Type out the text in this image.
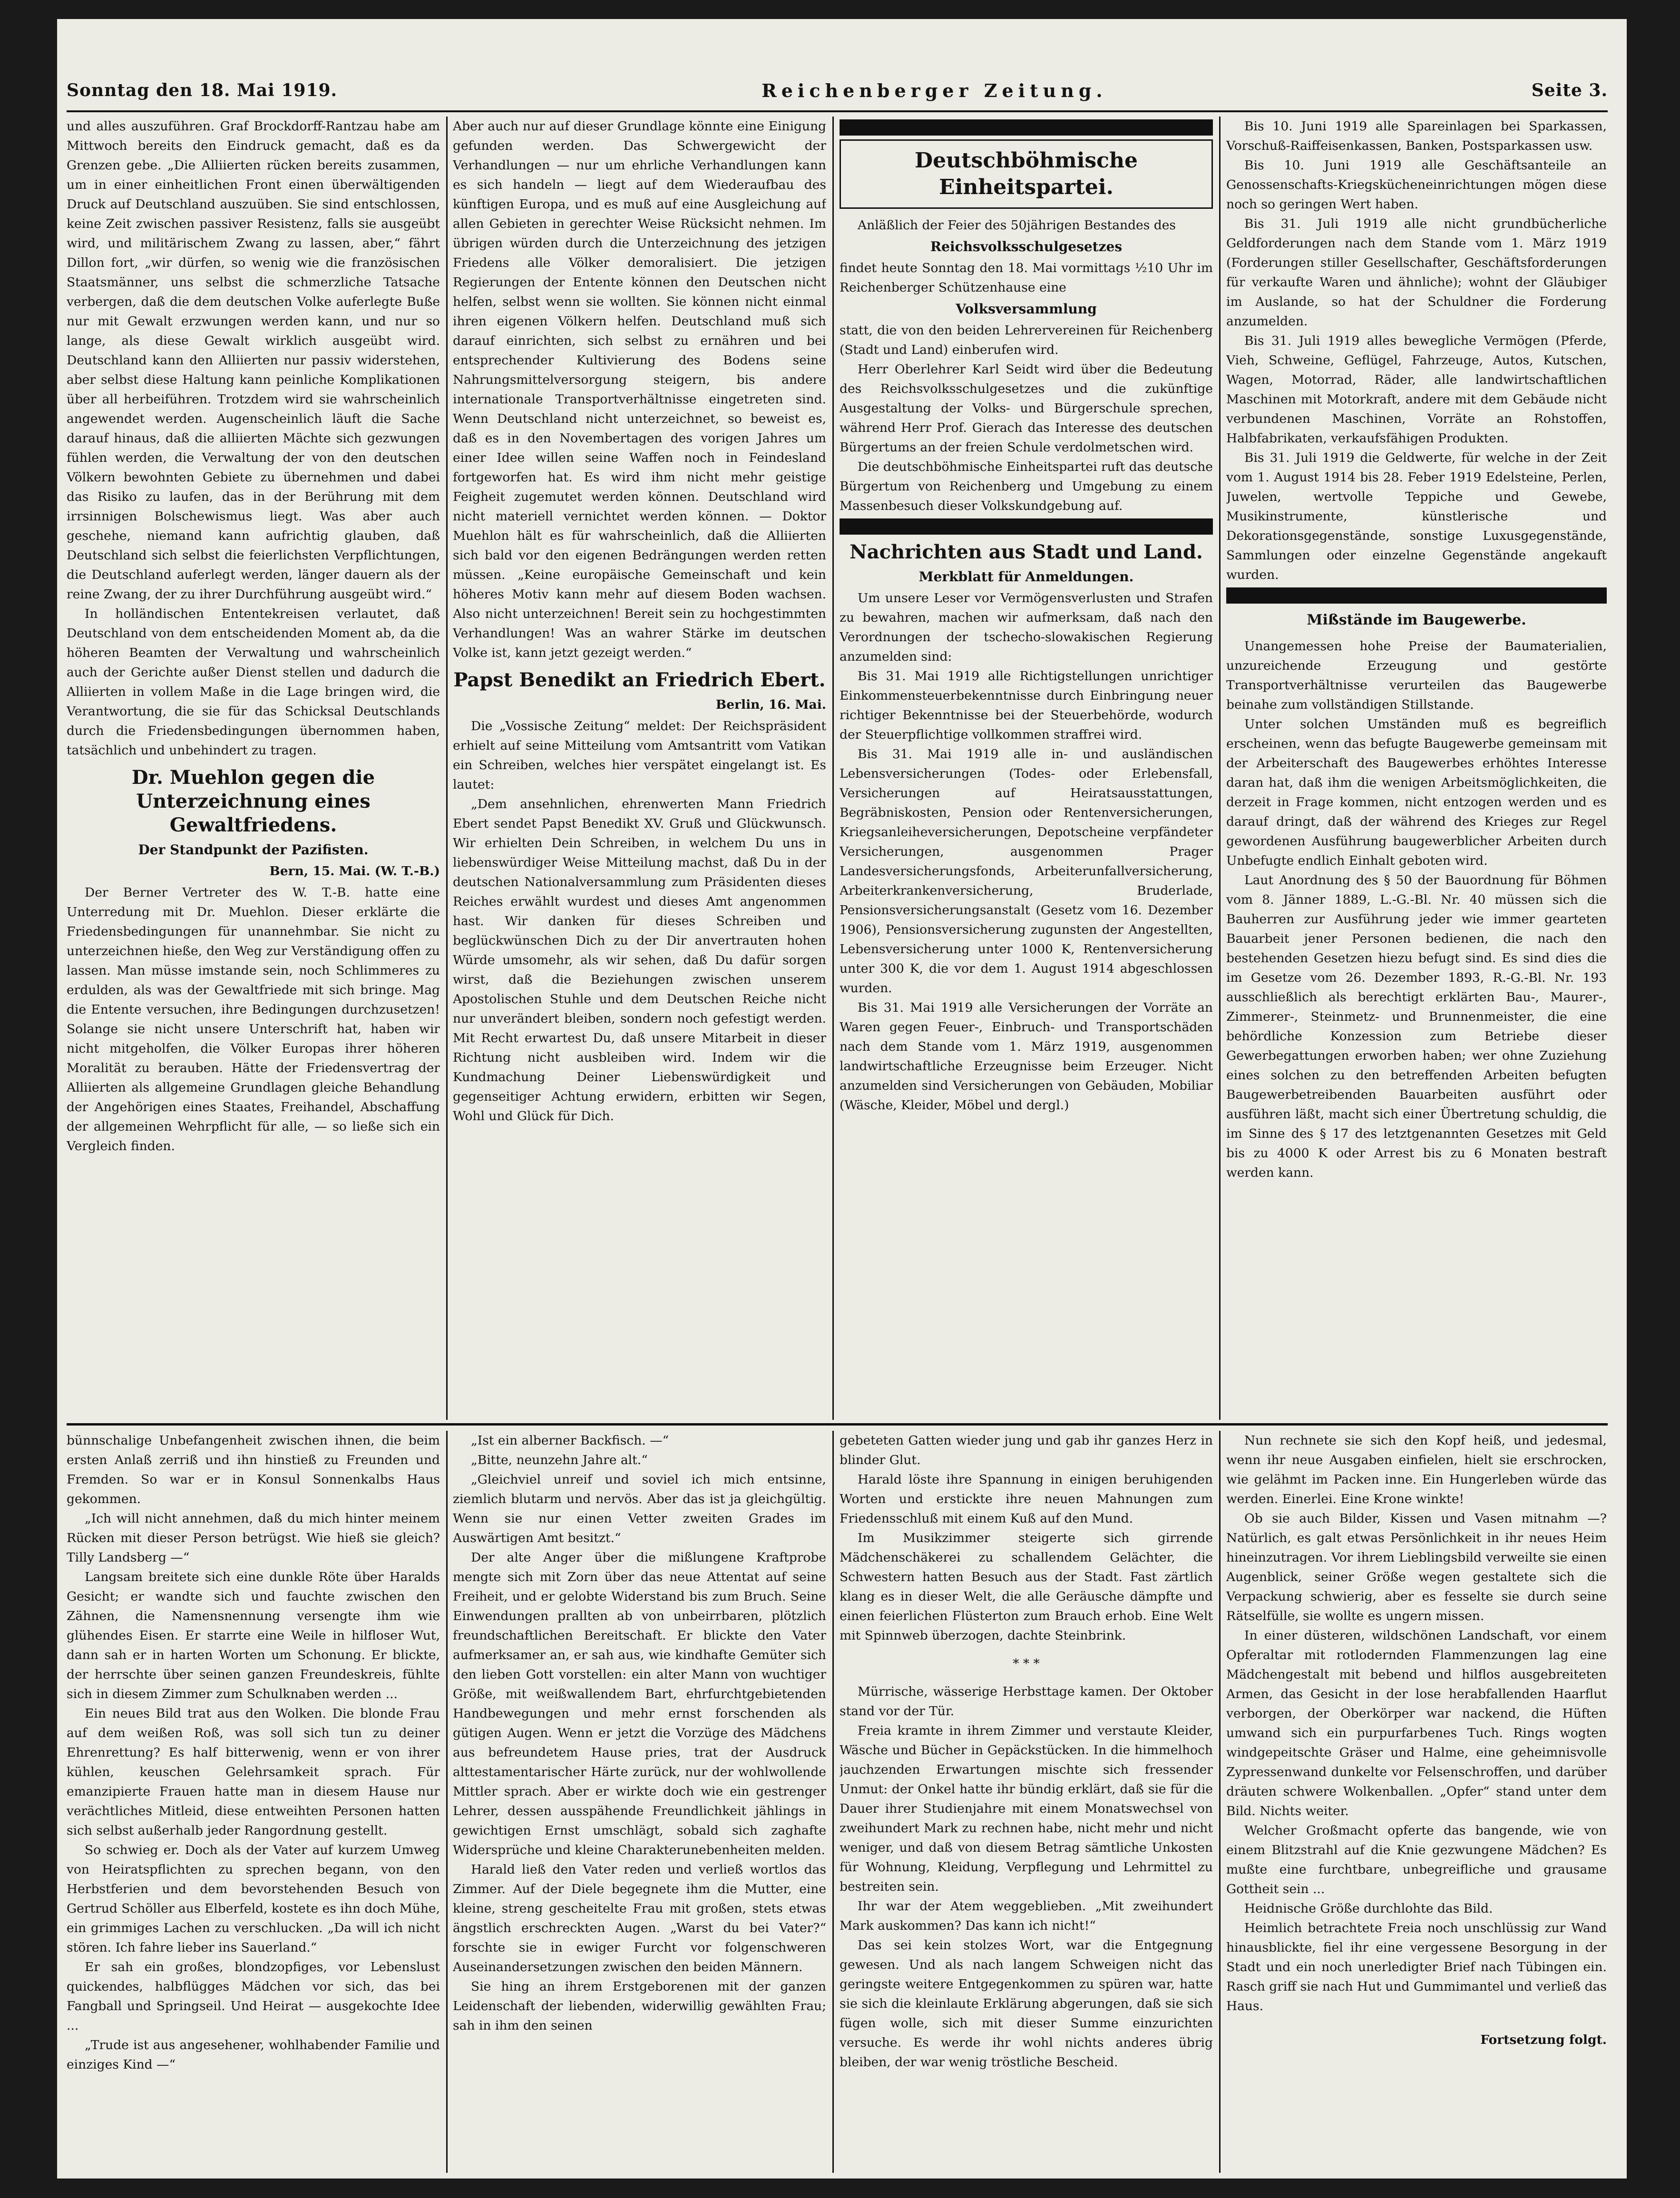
Sonntag den 18. Mai 1919.	Reichenberger Zeitung.	Seite 3.

und alles auszuführen. Graf Brockdorff-Rantzau habe am Mittwoch bereits den Eindruck gemacht, daß es da Grenzen gebe. „Die Alliierten rücken bereits zusammen, um in einer einheitlichen Front einen überwältigenden Druck auf Deutschland auszuüben. Sie sind entschlossen, keine Zeit zwischen passiver Resistenz, falls sie ausgeübt wird, und militärischem Zwang zu lassen, aber,“ fährt Dillon fort, „wir dürfen, so wenig wie die französischen Staatsmänner, uns selbst die schmerzliche Tatsache verbergen, daß die dem deutschen Volke auferlegte Buße nur mit Gewalt erzwungen werden kann, und nur so lange, als diese Gewalt wirklich ausgeübt wird. Deutschland kann den Alliierten nur passiv widerstehen, aber selbst diese Haltung kann peinliche Komplikationen über all herbeiführen. Trotzdem wird sie wahrscheinlich angewendet werden. Augenscheinlich läuft die Sache darauf hinaus, daß die alliierten Mächte sich gezwungen fühlen werden, die Verwaltung der von den deutschen Völkern bewohnten Gebiete zu übernehmen und dabei das Risiko zu laufen, das in der Berührung mit dem irrsinnigen Bolschewismus liegt. Was aber auch geschehe, niemand kann aufrichtig glauben, daß Deutschland sich selbst die feierlichsten Verpflichtungen, die Deutschland auferlegt werden, länger dauern als der reine Zwang, der zu ihrer Durchführung ausgeübt wird.“

In holländischen Ententekreisen verlautet, daß Deutschland von dem entscheidenden Moment ab, da die höheren Beamten der Verwaltung und wahrscheinlich auch der Gerichte außer Dienst stellen und dadurch die Alliierten in vollem Maße in die Lage bringen wird, die Verantwortung, die sie für das Schicksal Deutschlands durch die Friedensbedingungen übernommen haben, tatsächlich und unbehindert zu tragen.

Dr. Muehlon gegen die Unterzeichnung eines Gewaltfriedens.
Der Standpunkt der Pazifisten.
Bern, 15. Mai. (W. T.-B.)

Der Berner Vertreter des W. T.-B. hatte eine Unterredung mit Dr. Muehlon. Dieser erklärte die Friedensbedingungen für unannehmbar. Sie nicht zu unterzeichnen hieße, den Weg zur Verständigung offen zu lassen. Man müsse imstande sein, noch Schlimmeres zu erdulden, als was der Gewaltfriede mit sich bringe. Mag die Entente versuchen, ihre Bedingungen durchzusetzen! Solange sie nicht unsere Unterschrift hat, haben wir nicht mitgeholfen, die Völker Europas ihrer höheren Moralität zu berauben. Hätte der Friedensvertrag der Alliierten als allgemeine Grundlagen gleiche Behandlung der Angehörigen eines Staates, Freihandel, Abschaffung der allgemeinen Wehrpflicht für alle, — so ließe sich ein Vergleich finden.

Aber auch nur auf dieser Grundlage könnte eine Einigung gefunden werden. Das Schwergewicht der Verhandlungen — nur um ehrliche Verhandlungen kann es sich handeln — liegt auf dem Wiederaufbau des künftigen Europa, und es muß auf eine Ausgleichung auf allen Gebieten in gerechter Weise Rücksicht nehmen. Im übrigen würden durch die Unterzeichnung des jetzigen Friedens alle Völker demoralisiert. Die jetzigen Regierungen der Entente können den Deutschen nicht helfen, selbst wenn sie wollten. Sie können nicht einmal ihren eigenen Völkern helfen. Deutschland muß sich darauf einrichten, sich selbst zu ernähren und bei entsprechender Kultivierung des Bodens seine Nahrungsmittelversorgung steigern, bis andere internationale Transportverhältnisse eingetreten sind. Wenn Deutschland nicht unterzeichnet, so beweist es, daß es in den Novembertagen des vorigen Jahres um einer Idee willen seine Waffen noch in Feindesland fortgeworfen hat. Es wird ihm nicht mehr geistige Feigheit zugemutet werden können. Deutschland wird nicht materiell vernichtet werden können. — Doktor Muehlon hält es für wahrscheinlich, daß die Alliierten sich bald vor den eigenen Bedrängungen werden retten müssen. „Keine europäische Gemeinschaft und kein höheres Motiv kann mehr auf diesem Boden wachsen. Also nicht unterzeichnen! Bereit sein zu hochgestimmten Verhandlungen! Was an wahrer Stärke im deutschen Volke ist, kann jetzt gezeigt werden.“

Papst Benedikt an Friedrich Ebert.
Berlin, 16. Mai.

Die „Vossische Zeitung“ meldet: Der Reichspräsident erhielt auf seine Mitteilung vom Amtsantritt vom Vatikan ein Schreiben, welches hier verspätet eingelangt ist. Es lautet:

„Dem ansehnlichen, ehrenwerten Mann Friedrich Ebert sendet Papst Benedikt XV. Gruß und Glückwunsch. Wir erhielten Dein Schreiben, in welchem Du uns in liebenswürdiger Weise Mitteilung machst, daß Du in der deutschen Nationalversammlung zum Präsidenten dieses Reiches erwählt wurdest und dieses Amt angenommen hast. Wir danken für dieses Schreiben und beglückwünschen Dich zu der Dir anvertrauten hohen Würde umsomehr, als wir sehen, daß Du dafür sorgen wirst, daß die Beziehungen zwischen unserem Apostolischen Stuhle und dem Deutschen Reiche nicht nur unverändert bleiben, sondern noch gefestigt werden. Mit Recht erwartest Du, daß unsere Mitarbeit in dieser Richtung nicht ausbleiben wird. Indem wir die Kundmachung Deiner Liebenswürdigkeit und gegenseitiger Achtung erwidern, erbitten wir Segen, Wohl und Glück für Dich.

Deutschböhmische Einheitspartei.

Anläßlich der Feier des 50jährigen Bestandes des

Reichsvolksschulgesetzes

findet heute Sonntag den 18. Mai vormittags ½10 Uhr im Reichenberger Schützenhause eine

Volksversammlung

statt, die von den beiden Lehrervereinen für Reichenberg (Stadt und Land) einberufen wird.

Herr Oberlehrer Karl Seidt wird über die Bedeutung des Reichsvolksschulgesetzes und die zukünftige Ausgestaltung der Volks- und Bürgerschule sprechen, während Herr Prof. Gierach das Interesse des deutschen Bürgertums an der freien Schule verdolmetschen wird.

Die deutschböhmische Einheitspartei ruft das deutsche Bürgertum von Reichenberg und Umgebung zu einem Massenbesuch dieser Volkskundgebung auf.

Nachrichten aus Stadt und Land.
Merkblatt für Anmeldungen.

Um unsere Leser vor Vermögensverlusten und Strafen zu bewahren, machen wir aufmerksam, daß nach den Verordnungen der tschecho-slowakischen Regierung anzumelden sind:

Bis 31. Mai 1919 alle Richtigstellungen unrichtiger Einkommensteuerbekenntnisse durch Einbringung neuer richtiger Bekenntnisse bei der Steuerbehörde, wodurch der Steuerpflichtige vollkommen straffrei wird.

Bis 31. Mai 1919 alle in- und ausländischen Lebensversicherungen (Todes- oder Erlebensfall, Versicherungen auf Heiratsausstattungen, Begräbniskosten, Pension oder Rentenversicherungen, Kriegsanleiheversicherungen, Depotscheine verpfändeter Versicherungen, ausgenommen Prager Landesversicherungsfonds, Arbeiterunfallversicherung, Arbeiterkrankenversicherung, Bruderlade, Pensionsversicherungsanstalt (Gesetz vom 16. Dezember 1906), Pensionsversicherung zugunsten der Angestellten, Lebensversicherung unter 1000 K, Rentenversicherung unter 300 K, die vor dem 1. August 1914 abgeschlossen wurden.

Bis 31. Mai 1919 alle Versicherungen der Vorräte an Waren gegen Feuer-, Einbruch- und Transportschäden nach dem Stande vom 1. März 1919, ausgenommen landwirtschaftliche Erzeugnisse beim Erzeuger. Nicht anzumelden sind Versicherungen von Gebäuden, Mobiliar (Wäsche, Kleider, Möbel und dergl.)

Bis 10. Juni 1919 alle Spareinlagen bei Sparkassen, Vorschuß-Raiffeisenkassen, Banken, Postsparkassen usw.

Bis 10. Juni 1919 alle Geschäftsanteile an Genossenschafts-Kriegskücheneinrichtungen mögen diese noch so geringen Wert haben.

Bis 31. Juli 1919 alle nicht grundbücherliche Geldforderungen nach dem Stande vom 1. März 1919 (Forderungen stiller Gesellschafter, Geschäftsforderungen für verkaufte Waren und ähnliche); wohnt der Gläubiger im Auslande, so hat der Schuldner die Forderung anzumelden.

Bis 31. Juli 1919 alles bewegliche Vermögen (Pferde, Vieh, Schweine, Geflügel, Fahrzeuge, Autos, Kutschen, Wagen, Motorrad, Räder, alle landwirtschaftlichen Maschinen mit Motorkraft, andere mit dem Gebäude nicht verbundenen Maschinen, Vorräte an Rohstoffen, Halbfabrikaten, verkaufsfähigen Produkten.

Bis 31. Juli 1919 die Geldwerte, für welche in der Zeit vom 1. August 1914 bis 28. Feber 1919 Edelsteine, Perlen, Juwelen, wertvolle Teppiche und Gewebe, Musikinstrumente, künstlerische und Dekorationsgegenstände, sonstige Luxusgegenstände, Sammlungen oder einzelne Gegenstände angekauft wurden.

Mißstände im Baugewerbe.

Unangemessen hohe Preise der Baumaterialien, unzureichende Erzeugung und gestörte Transportverhältnisse verurteilen das Baugewerbe beinahe zum vollständigen Stillstande.

Unter solchen Umständen muß es begreiflich erscheinen, wenn das befugte Baugewerbe gemeinsam mit der Arbeiterschaft des Baugewerbes erhöhtes Interesse daran hat, daß ihm die wenigen Arbeitsmöglichkeiten, die derzeit in Frage kommen, nicht entzogen werden und es darauf dringt, daß der während des Krieges zur Regel gewordenen Ausführung baugewerblicher Arbeiten durch Unbefugte endlich Einhalt geboten wird.

Laut Anordnung des § 50 der Bauordnung für Böhmen vom 8. Jänner 1889, L.-G.-Bl. Nr. 40 müssen sich die Bauherren zur Ausführung jeder wie immer gearteten Bauarbeit jener Personen bedienen, die nach den bestehenden Gesetzen hiezu befugt sind. Es sind dies die im Gesetze vom 26. Dezember 1893, R.-G.-Bl. Nr. 193 ausschließlich als berechtigt erklärten Bau-, Maurer-, Zimmerer-, Steinmetz- und Brunnenmeister, die eine behördliche Konzession zum Betriebe dieser Gewerbegattungen erworben haben; wer ohne Zuziehung eines solchen zu den betreffenden Arbeiten befugten Baugewerbetreibenden Bauarbeiten ausführt oder ausführen läßt, macht sich einer Übertretung schuldig, die im Sinne des § 17 des letztgenannten Gesetzes mit Geld bis zu 4000 K oder Arrest bis zu 6 Monaten bestraft werden kann.

bünnschalige Unbefangenheit zwischen ihnen, die beim ersten Anlaß zerriß und ihn hinstieß zu Freunden und Fremden. So war er in Konsul Sonnenkalbs Haus gekommen.

„Ich will nicht annehmen, daß du mich hinter meinem Rücken mit dieser Person betrügst. Wie hieß sie gleich? Tilly Landsberg —“

Langsam breitete sich eine dunkle Röte über Haralds Gesicht; er wandte sich und fauchte zwischen den Zähnen, die Namensnennung versengte ihm wie glühendes Eisen. Er starrte eine Weile in hilfloser Wut, dann sah er in harten Worten um Schonung. Er blickte, der herrschte über seinen ganzen Freundeskreis, fühlte sich in diesem Zimmer zum Schulknaben werden ...

Ein neues Bild trat aus den Wolken. Die blonde Frau auf dem weißen Roß, was soll sich tun zu deiner Ehrenrettung? Es half bitterwenig, wenn er von ihrer kühlen, keuschen Gelehrsamkeit sprach. Für emanzipierte Frauen hatte man in diesem Hause nur verächtliches Mitleid, diese entweihten Personen hatten sich selbst außerhalb jeder Rangordnung gestellt.

So schwieg er. Doch als der Vater auf kurzem Umweg von Heiratspflichten zu sprechen begann, von den Herbstferien und dem bevorstehenden Besuch von Gertrud Schöller aus Elberfeld, kostete es ihn doch Mühe, ein grimmiges Lachen zu verschlucken. „Da will ich nicht stören. Ich fahre lieber ins Sauerland.“

Er sah ein großes, blondzopfiges, vor Lebenslust quickendes, halbflügges Mädchen vor sich, das bei Fangball und Springseil. Und Heirat — ausgekochte Idee ...

„Trude ist aus angesehener, wohlhabender Familie und einziges Kind —“

„Ist ein alberner Backfisch. —“

„Bitte, neunzehn Jahre alt.“

„Gleichviel unreif und soviel ich mich entsinne, ziemlich blutarm und nervös. Aber das ist ja gleichgültig. Wenn sie nur einen Vetter zweiten Grades im Auswärtigen Amt besitzt.“

Der alte Anger über die mißlungene Kraftprobe mengte sich mit Zorn über das neue Attentat auf seine Freiheit, und er gelobte Widerstand bis zum Bruch. Seine Einwendungen prallten ab von unbeirrbaren, plötzlich freundschaftlichen Bereitschaft. Er blickte den Vater aufmerksamer an, er sah aus, wie kindhafte Gemüter sich den lieben Gott vorstellen: ein alter Mann von wuchtiger Größe, mit weißwallendem Bart, ehrfurchtgebietenden Handbewegungen und mehr ernst forschenden als gütigen Augen. Wenn er jetzt die Vorzüge des Mädchens aus befreundetem Hause pries, trat der Ausdruck alttestamentarischer Härte zurück, nur der wohlwollende Mittler sprach. Aber er wirkte doch wie ein gestrenger Lehrer, dessen ausspähende Freundlichkeit jählings in gewichtigen Ernst umschlägt, sobald sich zaghafte Widersprüche und kleine Charakterunebenheiten melden.

Harald ließ den Vater reden und verließ wortlos das Zimmer. Auf der Diele begegnete ihm die Mutter, eine kleine, streng gescheitelte Frau mit großen, stets etwas ängstlich erschreckten Augen. „Warst du bei Vater?“ forschte sie in ewiger Furcht vor folgenschweren Auseinandersetzungen zwischen den beiden Männern.

Sie hing an ihrem Erstgeborenen mit der ganzen Leidenschaft der liebenden, widerwillig gewählten Frau; sah in ihm den seinen

gebeteten Gatten wieder jung und gab ihr ganzes Herz in blinder Glut.

Harald löste ihre Spannung in einigen beruhigenden Worten und erstickte ihre neuen Mahnungen zum Friedensschluß mit einem Kuß auf den Mund.

Im Musikzimmer steigerte sich girrende Mädchenschäkerei zu schallendem Gelächter, die Schwestern hatten Besuch aus der Stadt. Fast zärtlich klang es in dieser Welt, die alle Geräusche dämpfte und einen feierlichen Flüsterton zum Brauch erhob. Eine Welt mit Spinnweb überzogen, dachte Steinbrink.

* * *

Mürrische, wässerige Herbsttage kamen. Der Oktober stand vor der Tür.

Freia kramte in ihrem Zimmer und verstaute Kleider, Wäsche und Bücher in Gepäckstücken. In die himmelhoch jauchzenden Erwartungen mischte sich fressender Unmut: der Onkel hatte ihr bündig erklärt, daß sie für die Dauer ihrer Studienjahre mit einem Monatswechsel von zweihundert Mark zu rechnen habe, nicht mehr und nicht weniger, und daß von diesem Betrag sämtliche Unkosten für Wohnung, Kleidung, Verpflegung und Lehrmittel zu bestreiten sein.

Ihr war der Atem weggeblieben. „Mit zweihundert Mark auskommen? Das kann ich nicht!“

Das sei kein stolzes Wort, war die Entgegnung gewesen. Und als nach langem Schweigen nicht das geringste weitere Entgegenkommen zu spüren war, hatte sie sich die kleinlaute Erklärung abgerungen, daß sie sich fügen wolle, sich mit dieser Summe einzurichten versuche. Es werde ihr wohl nichts anderes übrig bleiben, der war wenig tröstliche Bescheid.

Nun rechnete sie sich den Kopf heiß, und jedesmal, wenn ihr neue Ausgaben einfielen, hielt sie erschrocken, wie gelähmt im Packen inne. Ein Hungerleben würde das werden. Einerlei. Eine Krone winkte!

Ob sie auch Bilder, Kissen und Vasen mitnahm —? Natürlich, es galt etwas Persönlichkeit in ihr neues Heim hineinzutragen. Vor ihrem Lieblingsbild verweilte sie einen Augenblick, seiner Größe wegen gestaltete sich die Verpackung schwierig, aber es fesselte sie durch seine Rätselfülle, sie wollte es ungern missen.

In einer düsteren, wildschönen Landschaft, vor einem Opferaltar mit rotlodernden Flammenzungen lag eine Mädchengestalt mit bebend und hilflos ausgebreiteten Armen, das Gesicht in der lose herabfallenden Haarflut verborgen, der Oberkörper war nackend, die Hüften umwand sich ein purpurfarbenes Tuch. Rings wogten windgepeitschte Gräser und Halme, eine geheimnisvolle Zypressenwand dunkelte vor Felsenschroffen, und darüber dräuten schwere Wolkenballen. „Opfer“ stand unter dem Bild. Nichts weiter.

Welcher Großmacht opferte das bangende, wie von einem Blitzstrahl auf die Knie gezwungene Mädchen? Es mußte eine furchtbare, unbegreifliche und grausame Gottheit sein ...

Heidnische Größe durchlohte das Bild.

Heimlich betrachtete Freia noch unschlüssig zur Wand hinausblickte, fiel ihr eine vergessene Besorgung in der Stadt und ein noch unerledigter Brief nach Tübingen ein. Rasch griff sie nach Hut und Gummimantel und verließ das Haus.

Fortsetzung folgt.
